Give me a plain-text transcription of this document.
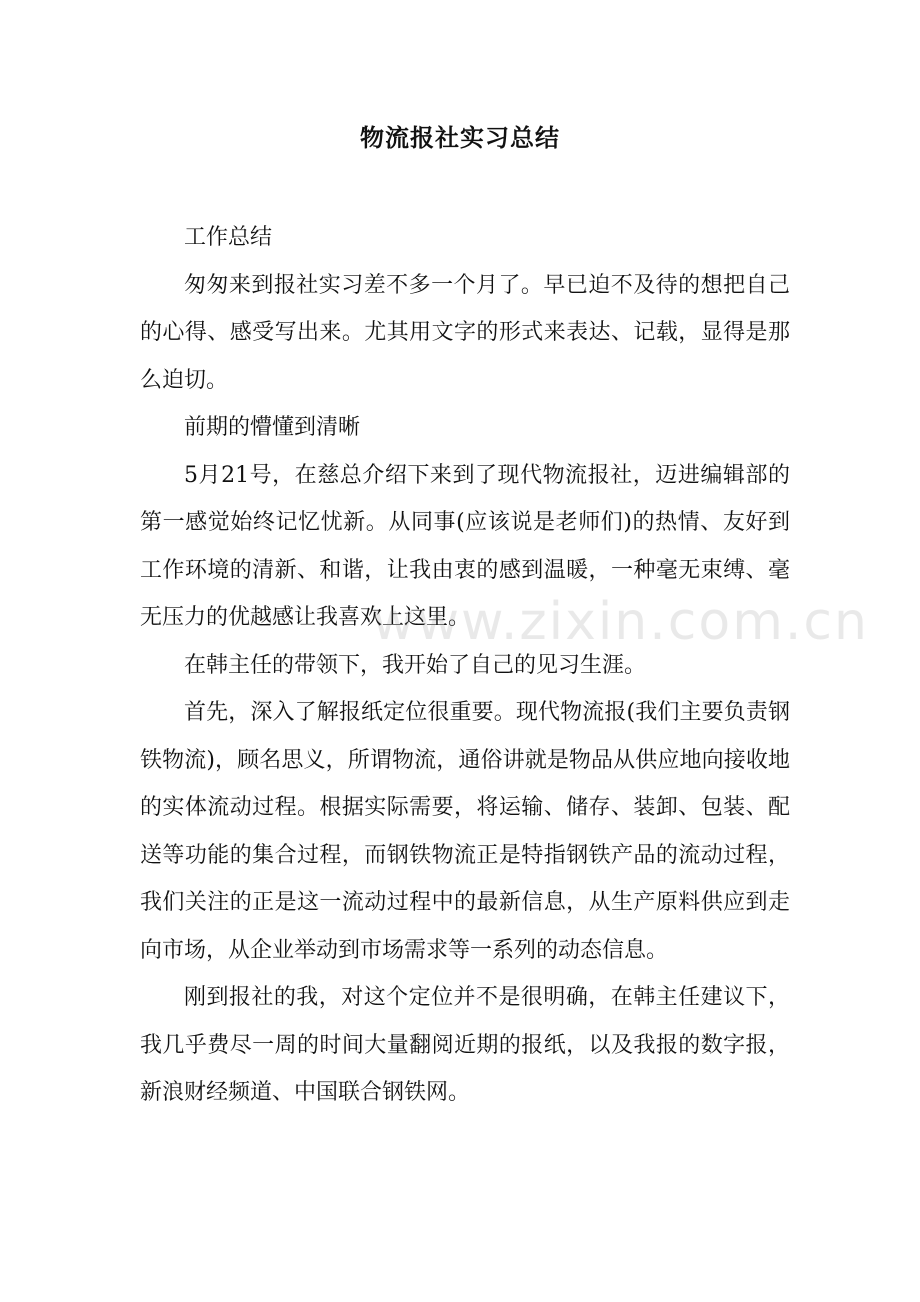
物流报社实习总结

工作总结

匆匆来到报社实习差不多一个月了。早已迫不及待的想把自己的心得、感受写出来。尤其用文字的形式来表达、记载，显得是那么迫切。

前期的懵懂到清晰

5月21号，在慈总介绍下来到了现代物流报社，迈进编辑部的第一感觉始终记忆忧新。从同事(应该说是老师们)的热情、友好到工作环境的清新、和谐，让我由衷的感到温暖，一种毫无束缚、毫无压力的优越感让我喜欢上这里。

在韩主任的带领下，我开始了自己的见习生涯。

首先，深入了解报纸定位很重要。现代物流报(我们主要负责钢铁物流)，顾名思义，所谓物流，通俗讲就是物品从供应地向接收地的实体流动过程。根据实际需要，将运输、储存、装卸、包装、配送等功能的集合过程，而钢铁物流正是特指钢铁产品的流动过程，我们关注的正是这一流动过程中的最新信息，从生产原料供应到走向市场，从企业举动到市场需求等一系列的动态信息。

刚到报社的我，对这个定位并不是很明确，在韩主任建议下，我几乎费尽一周的时间大量翻阅近期的报纸，以及我报的数字报，新浪财经频道、中国联合钢铁网。

www.zixin.com.cn
